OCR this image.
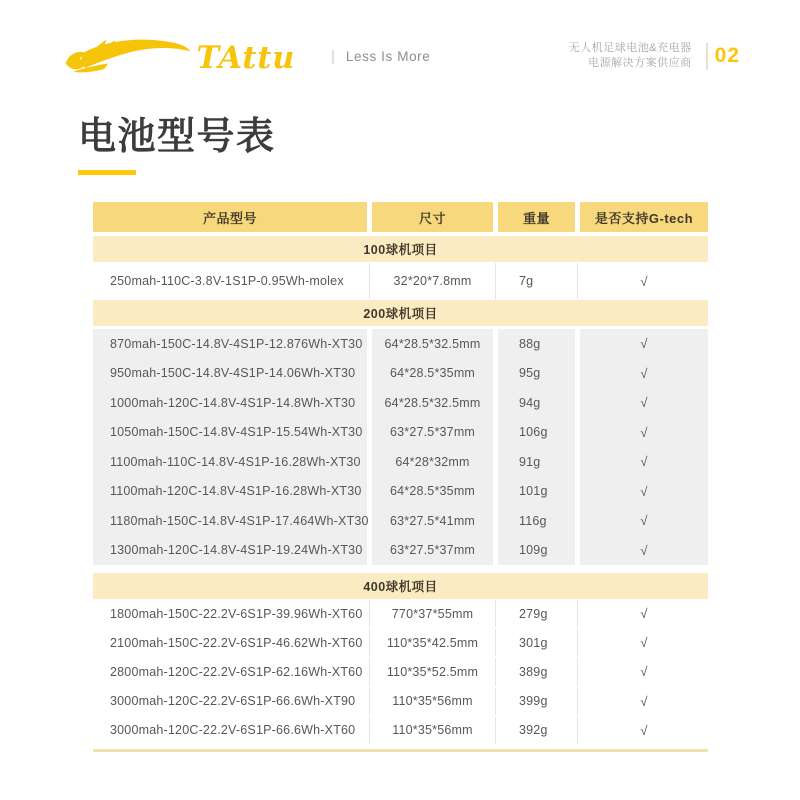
TAttu | Less Is More
无人机足球电池&充电器
电源解决方案供应商 02
电池型号表
产品型号	尺寸	重量	是否支持G-tech
100球机项目
250mah-110C-3.8V-1S1P-0.95Wh-molex	32*20*7.8mm	7g	√
200球机项目
870mah-150C-14.8V-4S1P-12.876Wh-XT30	64*28.5*32.5mm	88g	√
950mah-150C-14.8V-4S1P-14.06Wh-XT30	64*28.5*35mm	95g	√
1000mah-120C-14.8V-4S1P-14.8Wh-XT30	64*28.5*32.5mm	94g	√
1050mah-150C-14.8V-4S1P-15.54Wh-XT30	63*27.5*37mm	106g	√
1100mah-110C-14.8V-4S1P-16.28Wh-XT30	64*28*32mm	91g	√
1100mah-120C-14.8V-4S1P-16.28Wh-XT30	64*28.5*35mm	101g	√
1180mah-150C-14.8V-4S1P-17.464Wh-XT30	63*27.5*41mm	116g	√
1300mah-120C-14.8V-4S1P-19.24Wh-XT30	63*27.5*37mm	109g	√
400球机项目
1800mah-150C-22.2V-6S1P-39.96Wh-XT60	770*37*55mm	279g	√
2100mah-150C-22.2V-6S1P-46.62Wh-XT60	110*35*42.5mm	301g	√
2800mah-120C-22.2V-6S1P-62.16Wh-XT60	110*35*52.5mm	389g	√
3000mah-120C-22.2V-6S1P-66.6Wh-XT90	110*35*56mm	399g	√
3000mah-120C-22.2V-6S1P-66.6Wh-XT60	110*35*56mm	392g	√
